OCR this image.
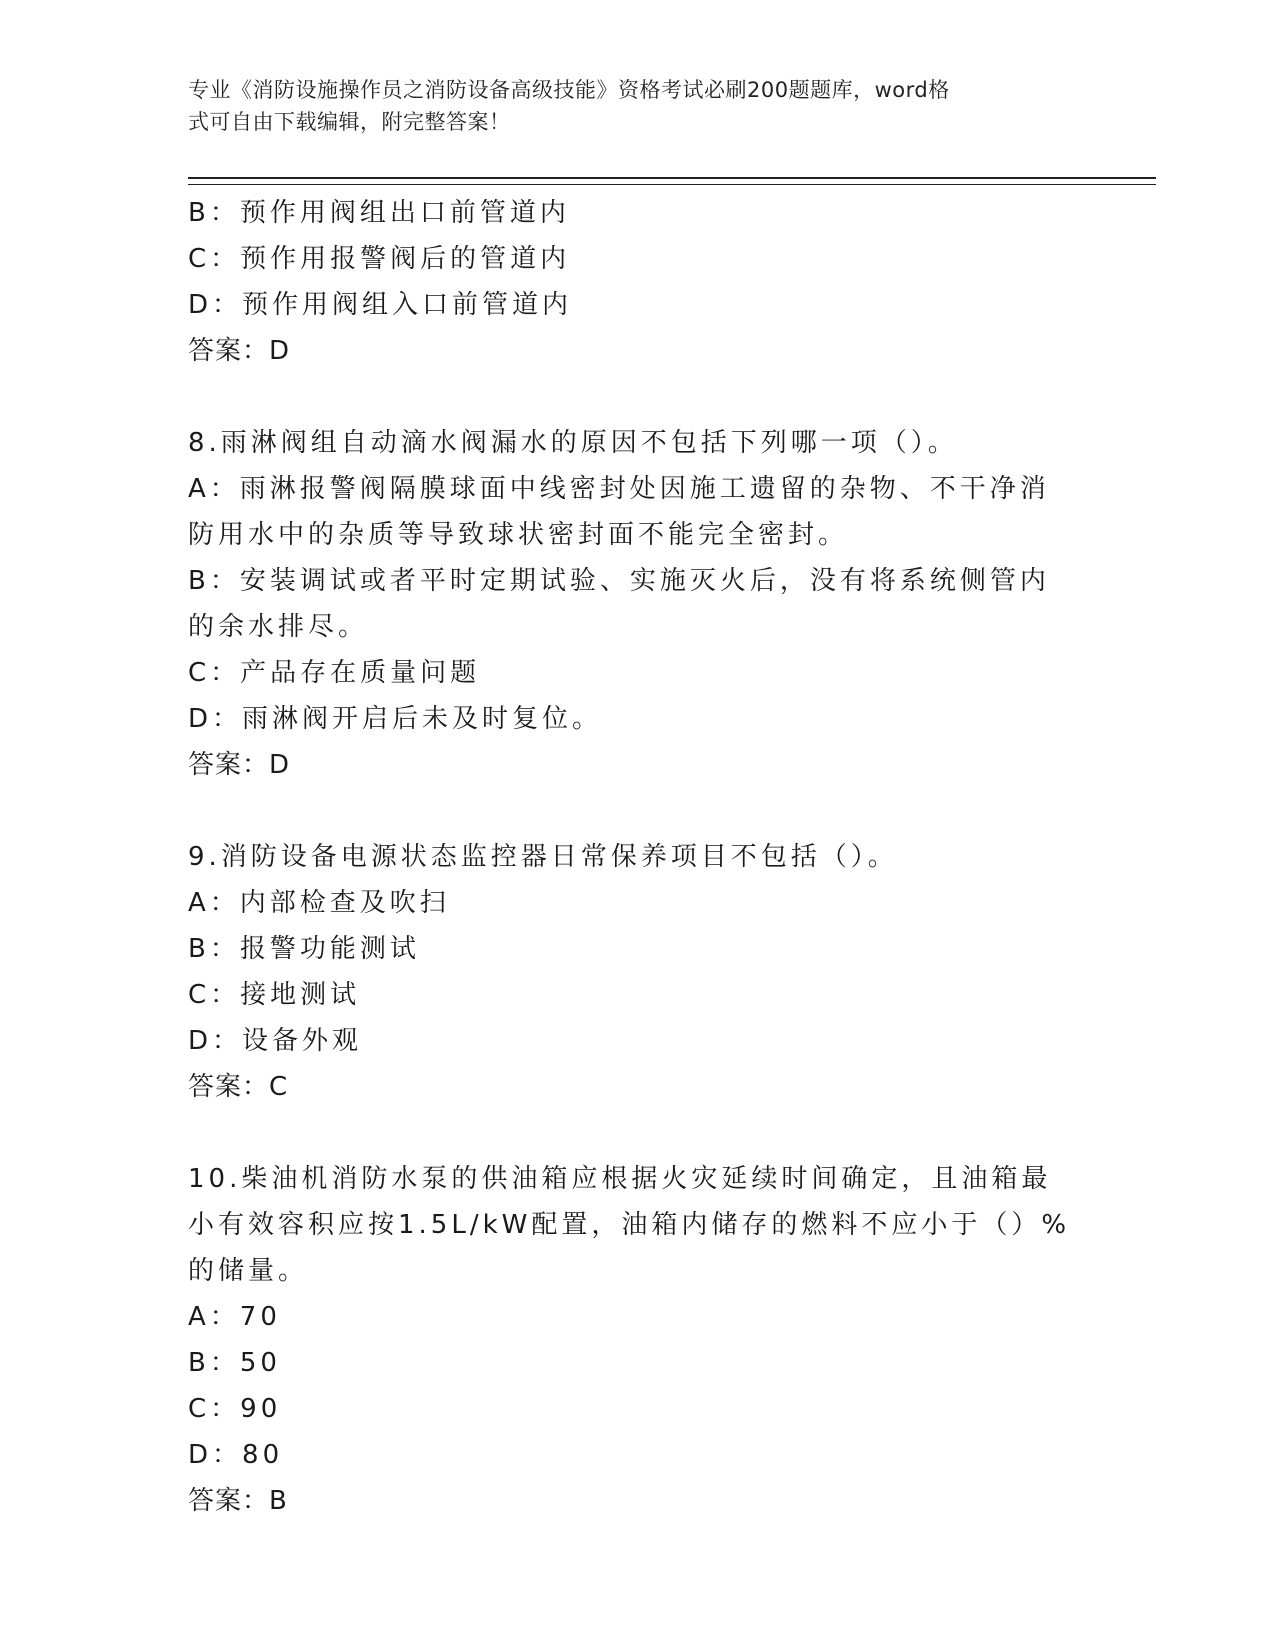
专业《消防设施操作员之消防设备高级技能》资格考试必刷200题题库，word格
式可自由下载编辑，附完整答案！
B：预作用阀组出口前管道内
C：预作用报警阀后的管道内
D：预作用阀组入口前管道内
答案：D
8.雨淋阀组自动滴水阀漏水的原因不包括下列哪一项（）。
A：雨淋报警阀隔膜球面中线密封处因施工遗留的杂物、不干净消防用水中的杂质等导致球状密封面不能完全密封。
B：安装调试或者平时定期试验、实施灭火后，没有将系统侧管内的余水排尽。
C：产品存在质量问题
D：雨淋阀开启后未及时复位。
答案：D
9.消防设备电源状态监控器日常保养项目不包括（）。
A：内部检查及吹扫
B：报警功能测试
C：接地测试
D：设备外观
答案：C
10.柴油机消防水泵的供油箱应根据火灾延续时间确定，且油箱最小有效容积应按1.5L/kW配置，油箱内储存的燃料不应小于（）%的储量。
A：70
B：50
C：90
D：80
答案：B
